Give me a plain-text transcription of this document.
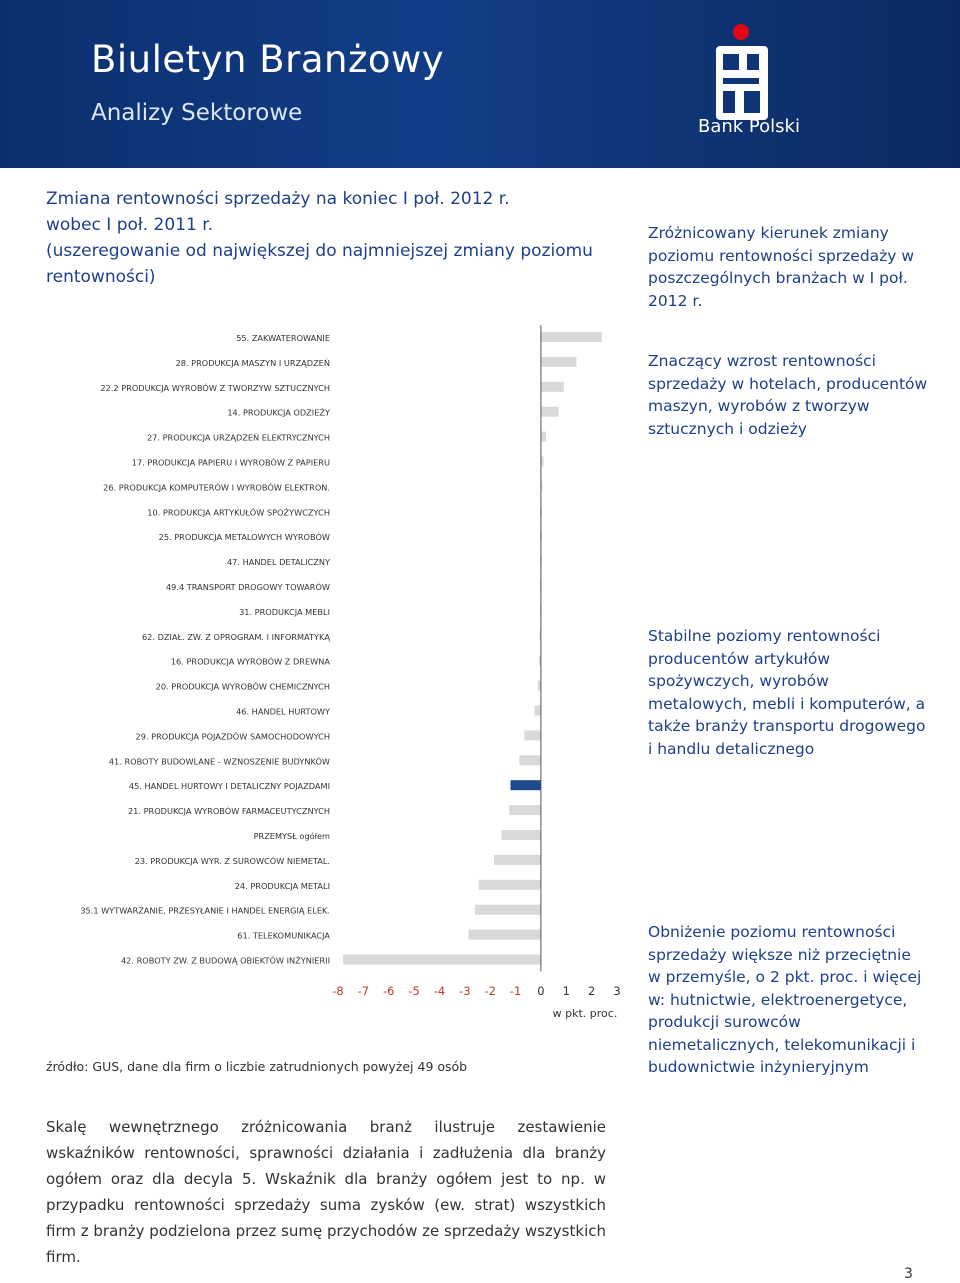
Biuletyn Branżowy
Analizy Sektorowe
Bank Polski
Zmiana rentowności sprzedaży na koniec I poł. 2012 r.
wobec I poł. 2011 r.
(uszeregowanie od największej do najmniejszej zmiany poziomu rentowności)
Zróżnicowany kierunek zmiany poziomu rentowności sprzedaży w poszczególnych branżach w I poł. 2012 r.
Znaczący wzrost rentowności sprzedaży w hotelach, producentów maszyn, wyrobów z tworzyw sztucznych i odzieży
Stabilne poziomy rentowności producentów artykułów spożywczych, wyrobów metalowych, mebli i komputerów, a także branży transportu drogowego i handlu detalicznego
Obniżenie poziomu rentowności sprzedaży większe niż przeciętnie w przemyśle, o 2 pkt. proc. i więcej w: hutnictwie, elektroenergetyce, produkcji surowców niemetalicznych, telekomunikacji i budownictwie inżynieryjnym
55. ZAKWATEROWANIE
28. PRODUKCJA MASZYN I URZĄDZEŃ
22.2 PRODUKCJA WYROBÓW Z TWORZYW SZTUCZNYCH
14. PRODUKCJA ODZIEŻY
27. PRODUKCJA URZĄDZEŃ ELEKTRYCZNYCH
17. PRODUKCJA PAPIERU I WYROBÓW Z PAPIERU
26. PRODUKCJA KOMPUTERÓW I WYROBÓW ELEKTRON.
10. PRODUKCJA ARTYKUŁÓW SPOŻYWCZYCH
25. PRODUKCJA METALOWYCH WYROBÓW
47. HANDEL DETALICZNY
49.4 TRANSPORT DROGOWY TOWARÓW
31. PRODUKCJA MEBLI
62. DZIAŁ. ZW. Z OPROGRAM. I INFORMATYKĄ
16. PRODUKCJA WYROBÓW Z DREWNA
20. PRODUKCJA WYROBÓW CHEMICZNYCH
46. HANDEL HURTOWY
29. PRODUKCJA POJAZDÓW SAMOCHODOWYCH
41. ROBOTY BUDOWLANE - WZNOSZENIE BUDYNKÓW
45. HANDEL HURTOWY I DETALICZNY POJAZDAMI
21. PRODUKCJA WYROBÓW FARMACEUTYCZNYCH
PRZEMYSŁ ogółem
23. PRODUKCJA WYR. Z SUROWCÓW NIEMETAL.
24. PRODUKCJA METALI
35.1 WYTWARZANIE, PRZESYŁANIE I HANDEL ENERGIĄ ELEK.
61. TELEKOMUNIKACJA
42. ROBOTY ZW. Z BUDOWĄ OBIEKTÓW INŻYNIERII
-8 -7 -6 -5 -4 -3 -2 -1 0 1 2 3
w pkt. proc.
źródło: GUS, dane dla firm o liczbie zatrudnionych powyżej 49 osób
Skalę wewnętrznego zróżnicowania branż ilustruje zestawienie wskaźników rentowności, sprawności działania i zadłużenia dla branży ogółem oraz dla decyla 5. Wskaźnik dla branży ogółem jest to np. w przypadku rentowności sprzedaży suma zysków (ew. strat) wszystkich firm z branży podzielona przez sumę przychodów ze sprzedaży wszystkich firm.
3
